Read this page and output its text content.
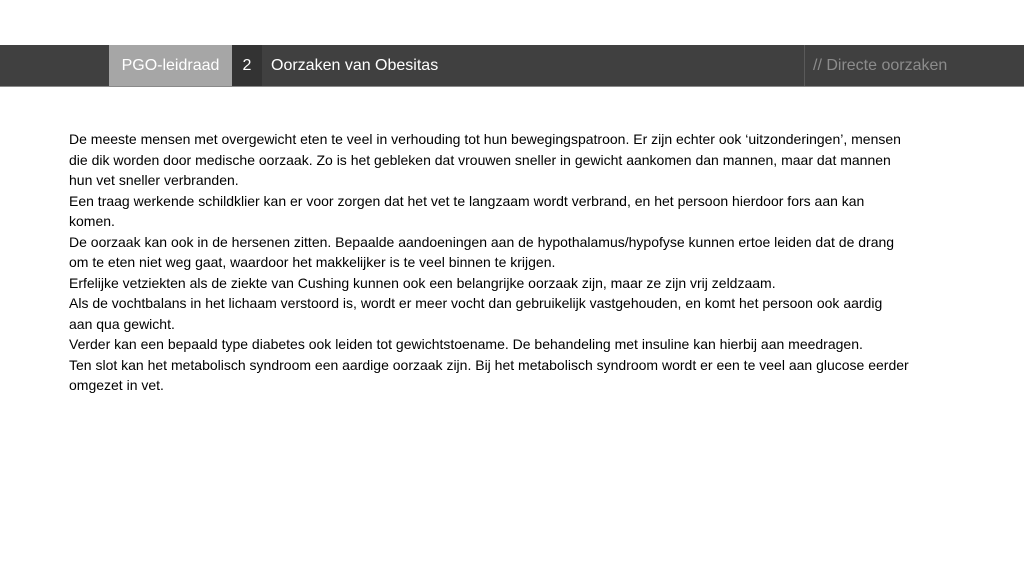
PGO-leidraad	2	Oorzaken van Obesitas	// Directe oorzaken

De meeste mensen met overgewicht eten te veel in verhouding tot hun bewegingspatroon. Er zijn echter ook ‘uitzonderingen’, mensen die dik worden door medische oorzaak. Zo is het gebleken dat vrouwen sneller in gewicht aankomen dan mannen, maar dat mannen hun vet sneller verbranden.

Een traag werkende schildklier kan er voor zorgen dat het vet te langzaam wordt verbrand, en het persoon hierdoor fors aan kan komen.

De oorzaak kan ook in de hersenen zitten. Bepaalde aandoeningen aan de hypothalamus/hypofyse kunnen ertoe leiden dat de drang om te eten niet weg gaat, waardoor het makkelijker is te veel binnen te krijgen.

Erfelijke vetziekten als de ziekte van Cushing kunnen ook een belangrijke oorzaak zijn, maar ze zijn vrij zeldzaam.

Als de vochtbalans in het lichaam verstoord is, wordt er meer vocht dan gebruikelijk vastgehouden, en komt het persoon ook aardig aan qua gewicht.

Verder kan een bepaald type diabetes ook leiden tot gewichtstoename. De behandeling met insuline kan hierbij aan meedragen.

Ten slot kan het metabolisch syndroom een aardige oorzaak zijn. Bij het metabolisch syndroom wordt er een te veel aan glucose eerder omgezet in vet.
